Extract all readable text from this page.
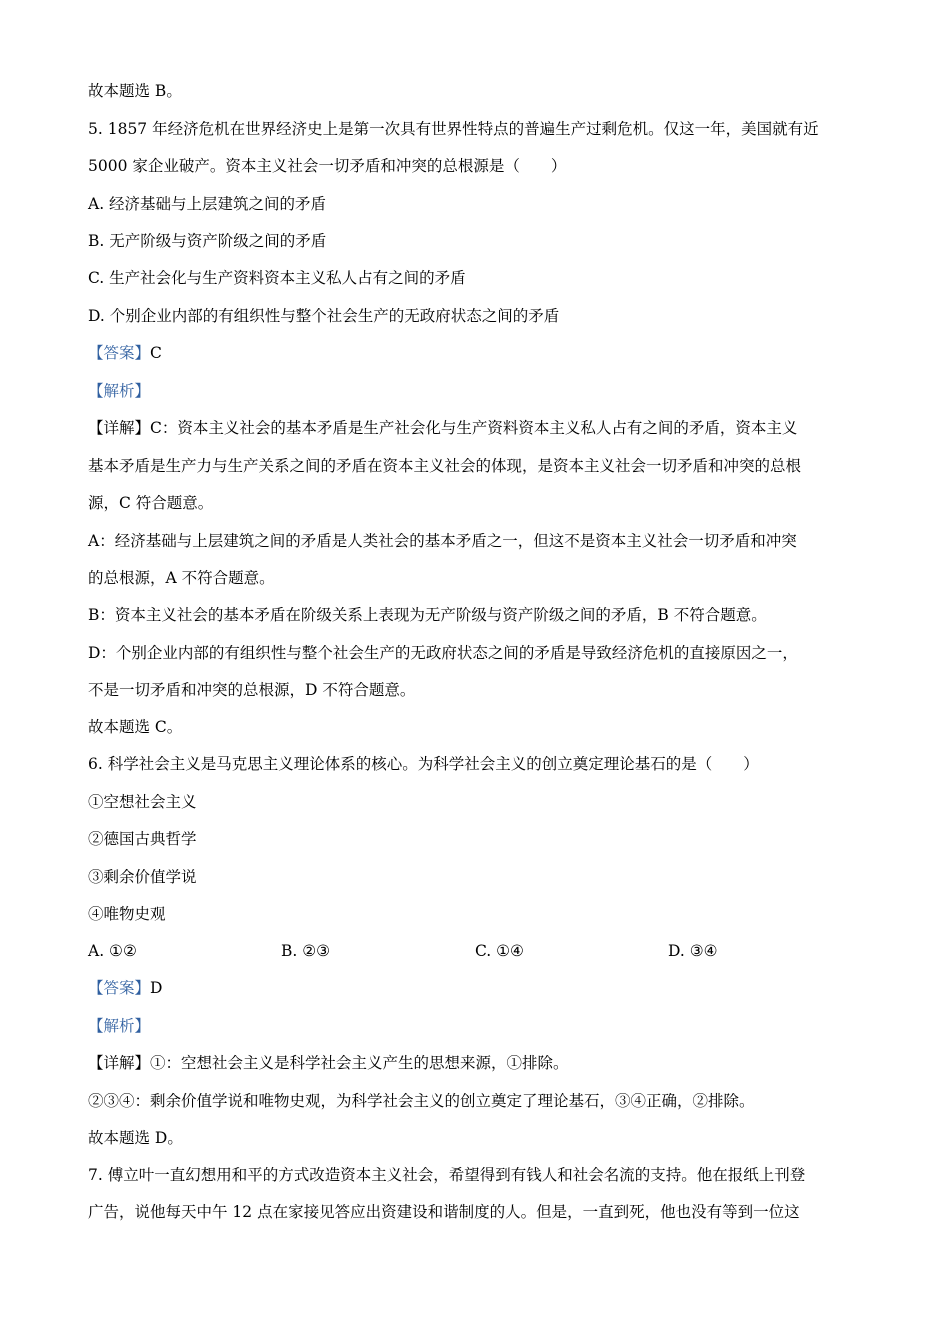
故本题选 B。
5. 1857 年经济危机在世界经济史上是第一次具有世界性特点的普遍生产过剩危机。仅这一年，美国就有近
5000 家企业破产。资本主义社会一切矛盾和冲突的总根源是（　　）
A. 经济基础与上层建筑之间的矛盾
B. 无产阶级与资产阶级之间的矛盾
C. 生产社会化与生产资料资本主义私人占有之间的矛盾
D. 个别企业内部的有组织性与整个社会生产的无政府状态之间的矛盾
【答案】C
【解析】
【详解】C：资本主义社会的基本矛盾是生产社会化与生产资料资本主义私人占有之间的矛盾，资本主义
基本矛盾是生产力与生产关系之间的矛盾在资本主义社会的体现，是资本主义社会一切矛盾和冲突的总根
源，C 符合题意。
A：经济基础与上层建筑之间的矛盾是人类社会的基本矛盾之一，但这不是资本主义社会一切矛盾和冲突
的总根源，A 不符合题意。
B：资本主义社会的基本矛盾在阶级关系上表现为无产阶级与资产阶级之间的矛盾，B 不符合题意。
D：个别企业内部的有组织性与整个社会生产的无政府状态之间的矛盾是导致经济危机的直接原因之一，
不是一切矛盾和冲突的总根源，D 不符合题意。
故本题选 C。
6. 科学社会主义是马克思主义理论体系的核心。为科学社会主义的创立奠定理论基石的是（　　）
①空想社会主义
②德国古典哲学
③剩余价值学说
④唯物史观
A. ①②	B. ②③	C. ①④	D. ③④
【答案】D
【解析】
【详解】①：空想社会主义是科学社会主义产生的思想来源，①排除。
②③④：剩余价值学说和唯物史观，为科学社会主义的创立奠定了理论基石，③④正确，②排除。
故本题选 D。
7. 傅立叶一直幻想用和平的方式改造资本主义社会，希望得到有钱人和社会名流的支持。他在报纸上刊登
广告，说他每天中午 12 点在家接见答应出资建设和谐制度的人。但是，一直到死，他也没有等到一位这
